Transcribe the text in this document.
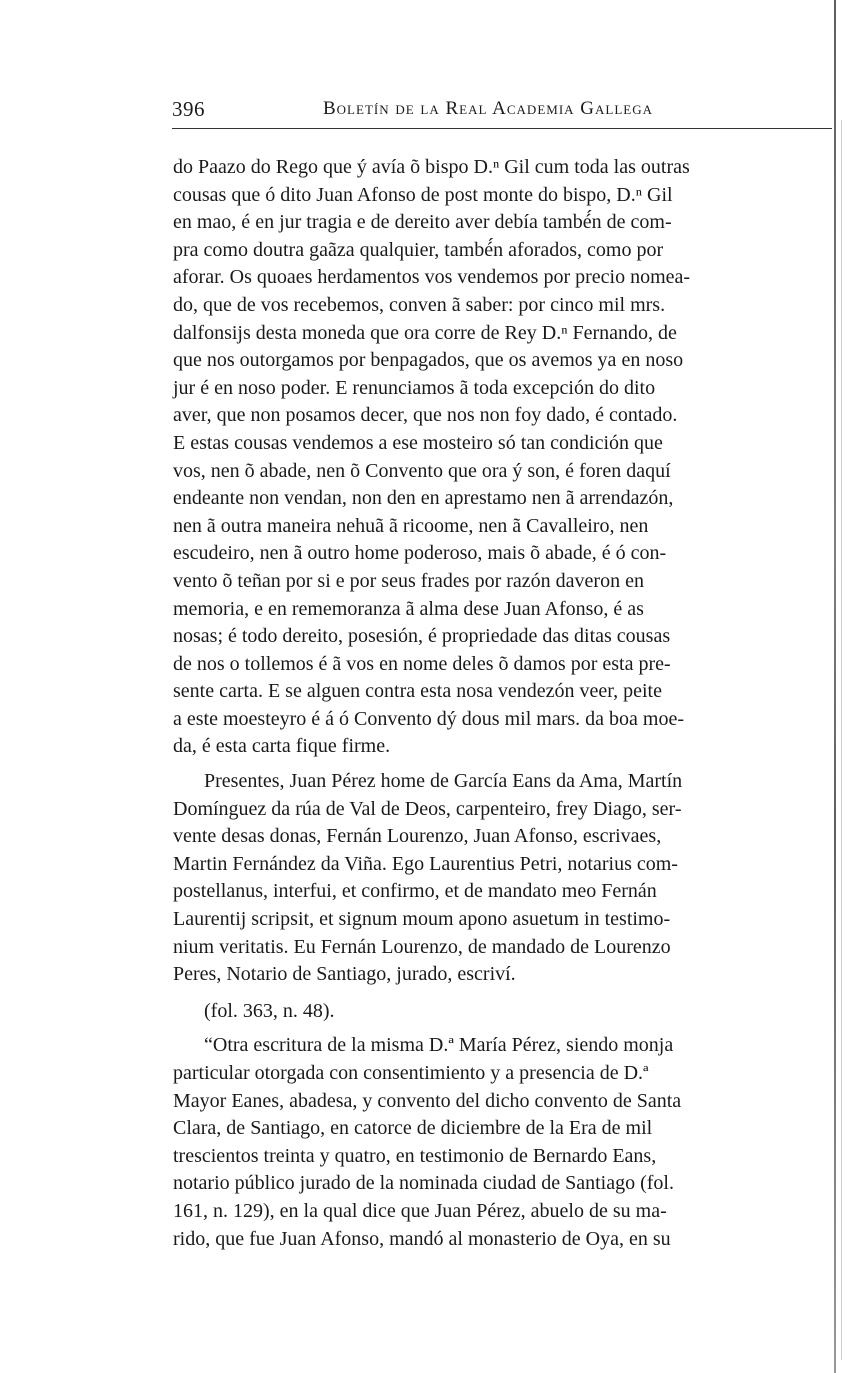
396	Boletín de la Real Academia Gallega

do Paazo do Rego que ý avía õ bispo D.ⁿ Gil cum toda las outras
cousas que ó dito Juan Afonso de post monte do bispo, D.ⁿ Gil
en mao, é en jur tragia e de dereito aver debía també́n de com-
pra como doutra gaãza qualquier, també́n aforados, como por
aforar. Os quoaes herdamentos vos vendemos por precio nomea-
do, que de vos recebemos, conven ã saber: por cinco mil mrs.
dalfonsijs desta moneda que ora corre de Rey D.ⁿ Fernando, de
que nos outorgamos por benpagados, que os avemos ya en noso
jur é en noso poder. E renunciamos ã toda excepción do dito
aver, que non posamos decer, que nos non foy dado, é contado.
E estas cousas vendemos a ese mosteiro só tan condición que
vos, nen õ abade, nen õ Convento que ora ý son, é foren daquí
endeante non vendan, non den en aprestamo nen ã arrendazón,
nen ã outra maneira nehuã ã ricoome, nen ã Cavalleiro, nen
escudeiro, nen ã outro home poderoso, mais õ abade, é ó con-
vento õ teñan por si e por seus frades por razón daveron en
memoria, e en rememoranza ã alma dese Juan Afonso, é as
nosas; é todo dereito, posesión, é propriedade das ditas cousas
de nos o tollemos é ã vos en nome deles õ damos por esta pre-
sente carta. E se alguen contra esta nosa vendezón veer, peite
a este moesteyro é á ó Convento dý dous mil mars. da boa moe-
da, é esta carta fique firme.

Presentes, Juan Pérez home de García Eans da Ama, Martín
Domínguez da rúa de Val de Deos, carpenteiro, frey Diago, ser-
vente desas donas, Fernán Lourenzo, Juan Afonso, escrivaes,
Martin Fernández da Viña. Ego Laurentius Petri, notarius com-
postellanus, interfui, et confirmo, et de mandato meo Fernán
Laurentij scripsit, et signum moum apono asuetum in testimo-
nium veritatis. Eu Fernán Lourenzo, de mandado de Lourenzo
Peres, Notario de Santiago, jurado, escriví.

(fol. 363, n. 48).

“Otra escritura de la misma D.ª María Pérez, siendo monja
particular otorgada con consentimiento y a presencia de D.ª
Mayor Eanes, abadesa, y convento del dicho convento de Santa
Clara, de Santiago, en catorce de diciembre de la Era de mil
trescientos treinta y quatro, en testimonio de Bernardo Eans,
notario público jurado de la nominada ciudad de Santiago (fol.
161, n. 129), en la qual dice que Juan Pérez, abuelo de su ma-
rido, que fue Juan Afonso, mandó al monasterio de Oya, en su
